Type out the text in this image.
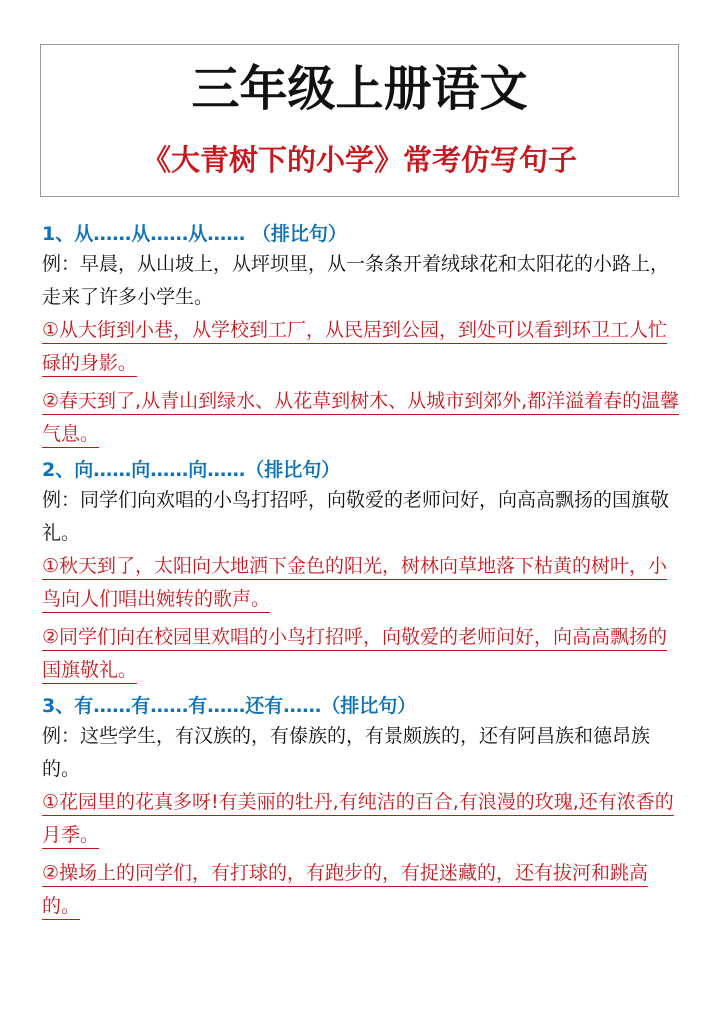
三年级上册语文
《大青树下的小学》常考仿写句子

1、从……从……从…… （排比句）

例：早晨，从山坡上，从坪坝里，从一条条开着绒球花和太阳花的小路上，走来了许多小学生。

①从大街到小巷，从学校到工厂，从民居到公园，到处可以看到环卫工人忙碌的身影。

②春天到了,从青山到绿水、从花草到树木、从城市到郊外,都洋溢着春的温馨气息。

2、向……向……向……（排比句）

例：同学们向欢唱的小鸟打招呼，向敬爱的老师问好，向高高飘扬的国旗敬礼。

①秋天到了，太阳向大地洒下金色的阳光，树林向草地落下枯黄的树叶，小鸟向人们唱出婉转的歌声。

②同学们向在校园里欢唱的小鸟打招呼，向敬爱的老师问好，向高高飘扬的国旗敬礼。

3、有……有……有……还有……（排比句）

例：这些学生，有汉族的，有傣族的，有景颇族的，还有阿昌族和德昂族的。

①花园里的花真多呀!有美丽的牡丹,有纯洁的百合,有浪漫的玫瑰,还有浓香的月季。

②操场上的同学们，有打球的，有跑步的，有捉迷藏的，还有拔河和跳高的。
